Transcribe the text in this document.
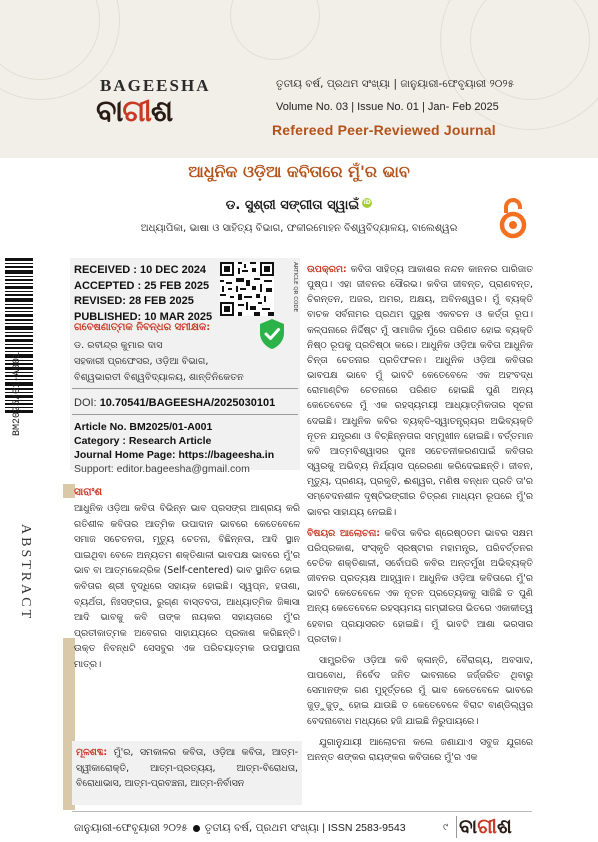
BAGEESHA
ବାଗୀଶ
ତୃତୀୟ ବର୍ଷ, ପ୍ରଥମ ସଂଖ୍ୟା | ଜାନୁୟାରୀ-ଫେବୃୟାରୀ ୨୦୨୫
Volume No. 03 | Issue No. 01 | Jan- Feb 2025
Refereed Peer-Reviewed Journal
ଆଧୁନିକ ଓଡ଼ିଆ କବିତାରେ ମୁଁ'ର ଭାବ
ଡ. ସୁଶ୍ରୀ ସଙ୍ଗୀତା ସ୍ୱାଇଁ iD
ଅଧ୍ୟାପିକା, ଭାଷା ଓ ସାହିତ୍ୟ ବିଭାଗ, ଫକୀରମୋହନ ବିଶ୍ୱବିଦ୍ୟାଳୟ, ବାଲେଶ୍ୱର
BM2025/01-A001
ABSTRACT
RECEIVED : 10 DEC 2024
ACCEPTED : 25 FEB 2025
REVISED: 28 FEB 2025
PUBLISHED: 10 MAR 2025
ARTICLE QR CODE
ଗବେଷଣାତ୍ମକ ନିବନ୍ଧର ସମୀକ୍ଷକ:
ଡ. ରବୀନ୍ଦ୍ର କୁମାର ଦାସ
ସହକାରୀ ପ୍ରଫେସର, ଓଡ଼ିଆ ବିଭାଗ,
ବିଶ୍ୱଭାରତୀ ବିଶ୍ୱବିଦ୍ୟାଳୟ, ଶାନ୍ତିନିକେତନ
DOI: 10.70541/BAGEESHA/2025030101
Article No. BM2025/01-A001
Category : Research Article
Journal Home Page: https://bageesha.in
Support: editor.bageesha@gmail.com
ସାରାଂଶ
ଆଧୁନିକ ଓଡ଼ିଆ କବିତା ବିଭିନ୍ନ ଭାବ ପ୍ରସଙ୍ଗ ଆଶ୍ରୟ କରି ଗତିଶୀଳ କବିତାର ଆତ୍ମିକ ଉପାଦାନ ଭାବରେ କେତେବେଳେ ସମାଜ ସଚେତନତା, ମୃତ୍ୟୁ ଚେତନା, ବିଛିନ୍ନତା, ଆଦି ସ୍ଥାନ ପାଇଥିବା ବେଳେ ଅନ୍ୟତମ ଶକ୍ତିଶାଳୀ ଭାବପକ୍ଷ ଭାବରେ ମୁଁ'ର ଭାବ ବା ଆତ୍ମକେନ୍ଦ୍ରିକ (Self-centered) ଭାବ ସ୍ଥାନିତ ହୋଇ କବିତାର ଶ୍ରୀ ବୃଦ୍ଧିରେ ସହାୟକ ହୋଇଛି। ସ୍ୱପ୍ନ, ହତାଶା, ବ୍ୟର୍ଥତା, ନିଃସଙ୍ଗତା, ରୁଗ୍ଣ ବାସ୍ତବତା, ଆଧ୍ୟାତ୍ମିକ ଜିଜ୍ଞାସା ଆଦି ଭାବକୁ କବି ତାଙ୍କ ନାୟକର ସହାୟତାରେ ମୁଁ'ର ପ୍ରତୀକାତ୍ମକ ଅବେଗର ସାହାଯ୍ୟରେ ପ୍ରକାଶ କରିଛନ୍ତି। ଉକ୍ତ ନିବନ୍ଧଟି ସେସବୁର ଏକ ପରିଚୟାତ୍ମକ ଉପସ୍ଥାପନା ମାତ୍ର।
ମୂଳଶବ୍ଦ: ମୁଁ'ର, ସମକାଳର କବିତା, ଓଡ଼ିଆ କବିତା, ଆତ୍ମ-ସ୍ୱୀକାରୋକ୍ତି, ଆତ୍ମ-ପ୍ରତ୍ୟୟ, ଆତ୍ମ-ବିରୋଧତା, ବିରୋଧାଭାସ, ଆତ୍ମ-ପ୍ରବଞ୍ଚନା, ଆତ୍ମ-ନିର୍ବାସନ

ଉପକ୍ରମ: କବିତା ସାହିତ୍ୟ ଆକାଶର ନନ୍ଦନ କାନନର ପାରିଜାତ ପୁଷ୍ପ। ଏହା ଜୀବନର ସୌରଭ। କବିତା ଜୀବନ୍ତ, ପ୍ରାଣବନ୍ତ, ଚିରନ୍ତନ, ଅଜର, ଅମର, ଅକ୍ଷୟ, ଅବିନଶ୍ୱର। ମୁଁ ବ୍ୟକ୍ତି ବାଚକ ସର୍ବନାମର ପ୍ରଥମ ପୁରୁଷ ଏକବଚନ ଓ କର୍ତ୍ତା ରୂପ। କଳ୍ପନାରେ ନିର୍ଦ୍ଦିଷ୍ଟ ମୁଁ ସାମାଜିକ ମୁଁରେ ପରିଣତ ହୋଇ ବ୍ୟକ୍ତି ନିଷ୍ଠ ରୂପକୁ ପ୍ରତିଷ୍ଠା କରେ। ଆଧୁନିକ ଓଡ଼ିଆ କବିତା ଆଧୁନିକ ଚିନ୍ତା ଚେତନାର ପ୍ରତିଫଳନ। ଆଧୁନିକ ଓଡ଼ିଆ କବିତାର ଭାବପକ୍ଷ ଭାବେ ମୁଁ ଭାବଟି କେତେବେଳେ ଏକ ଅହଂବଦ୍ଧ ରୋମାଣ୍ଟିକ ଚେତନାରେ ପରିଣତ ହୋଇଛି ପୁଣି ଅନ୍ୟ କେତେବେଳେ ମୁଁ ଏକ ରହସ୍ୟମୟୀ ଆଧ୍ୟାତ୍ମିକତାର ସୂଚନା ଦେଇଛି। ଆଧୁନିକ କବିର ବ୍ୟକ୍ତି-ସ୍ୱାତନ୍ତ୍ର୍ୟର ଅଭିବ୍ୟକ୍ତି ନୂତନ ଯନ୍ତ୍ରଣା ଓ ବିଚ୍ଛିନ୍ନତାର ସମ୍ମୁଖୀନ ହୋଇଛି। ବର୍ତ୍ତମାନ କବି ଆତ୍ମବିଶ୍ୱାସର ପୁନଃ ସଚେତନୀକରଣପାଇଁ କବିତାର ସ୍ୱରକୁ ଅଭିବ୍ୟ ନିର୍ଯ୍ୟାସ ପ୍ରେରଣା କରିଦେଇଛନ୍ତି। ଜୀବନ, ମୃତ୍ୟୁ, ପ୍ରଣୟ, ପ୍ରକୃତି, ଈଶ୍ୱର, ମଣିଷ ବନ୍ଧନ ପ୍ରତି ତା'ର ସମ୍ବେଦନଶୀଳ ଦୃଷ୍ଟିଭଙ୍ଗୀର ଚିତ୍ରଣ ମାଧ୍ୟମ ରୂପରେ ମୁଁ'ର ଭାବର ସାହାଯ୍ୟ ନେଇଛି।

ବିଷୟର ଆଲୋଚନା: କବିତା କବିର ଶ୍ରେଷ୍ଠତମ ଭାବର ସକ୍ଷମ ପରିପ୍ରକାଶ, ସଂସ୍କୃତି ସ୍ରଷ୍ଟାର ମହାମନ୍ତ୍ର, ପରିବର୍ତ୍ତନର ଚେତିକ ଶକ୍ତିଶାଳୀ, ସର୍ବୋପରି କବିର ଅନ୍ତର୍ମୁଖ ଅଭିବ୍ୟକ୍ତି ଜୀବନର ପ୍ରତ୍ୟକ୍ଷ ଆହ୍ୱାନ। ଆଧୁନିକ ଓଡ଼ିଆ କବିତାରେ ମୁଁ'ର ଭାବଟି କେତେବେଳେ ଏକ ନୂତନ ପ୍ରତ୍ୟେକକୁ ସାଜିଛି ତ ପୁଣି ଅନ୍ୟ କେତେବେଳେ ରହସ୍ୟମୟ ଗମ୍ଭୀରତା ଭିତରେ ଏକାକୀତ୍ୱ ହେବାର ପ୍ରୟାସରତ ହୋଇଛି। ମୁଁ ଭାବଟି ଆଶା ଭରସାର ପ୍ରତୀକ।

ସାମ୍ପ୍ରତିକ ଓଡ଼ିଆ କବି କ୍ଳାନ୍ତି, ବୈରାଗ୍ୟ, ଅବସାଦ, ପାପବୋଧ, ନିର୍ବେଦ ଜନିତ ଭାବନାରେ ଜର୍ଜ୍ଜରିତ ଥିବାରୁ ସେମାନଙ୍କ ଗଣ ମୁହୂର୍ତ୍ତରେ ମୁଁ ଭାବ କେତେବେଳେ ଭାବରେ ଜୁଡ଼ୁଜୁଡ଼ୁ ହୋଇ ଯାଉଛି ତ କେତେବେଳେ ବିରାଟ ବାଣ୍ଡିଲ୍ୱର ବେଦନାବୋଧ ମଧ୍ୟରେ ହଜି ଯାଇଛି ନିରୁପାୟରେ।

ଯୁଗାନୁଯାୟୀ ଆଲୋଚନା କଲେ ଜଣାଯାଏ ସବୁଜ ଯୁଗରେ ଅନନ୍ତ ଶଙ୍କର ରାୟଙ୍କର କବିତାରେ ମୁଁ'ର ଏକ

ଜାନୁୟାରୀ-ଫେବୃୟାରୀ ୨୦୨୫ ତୃତୀୟ ବର୍ଷ, ପ୍ରଥମ ସଂଖ୍ୟା | ISSN 2583-9543	୯ ବାଗୀଶ
